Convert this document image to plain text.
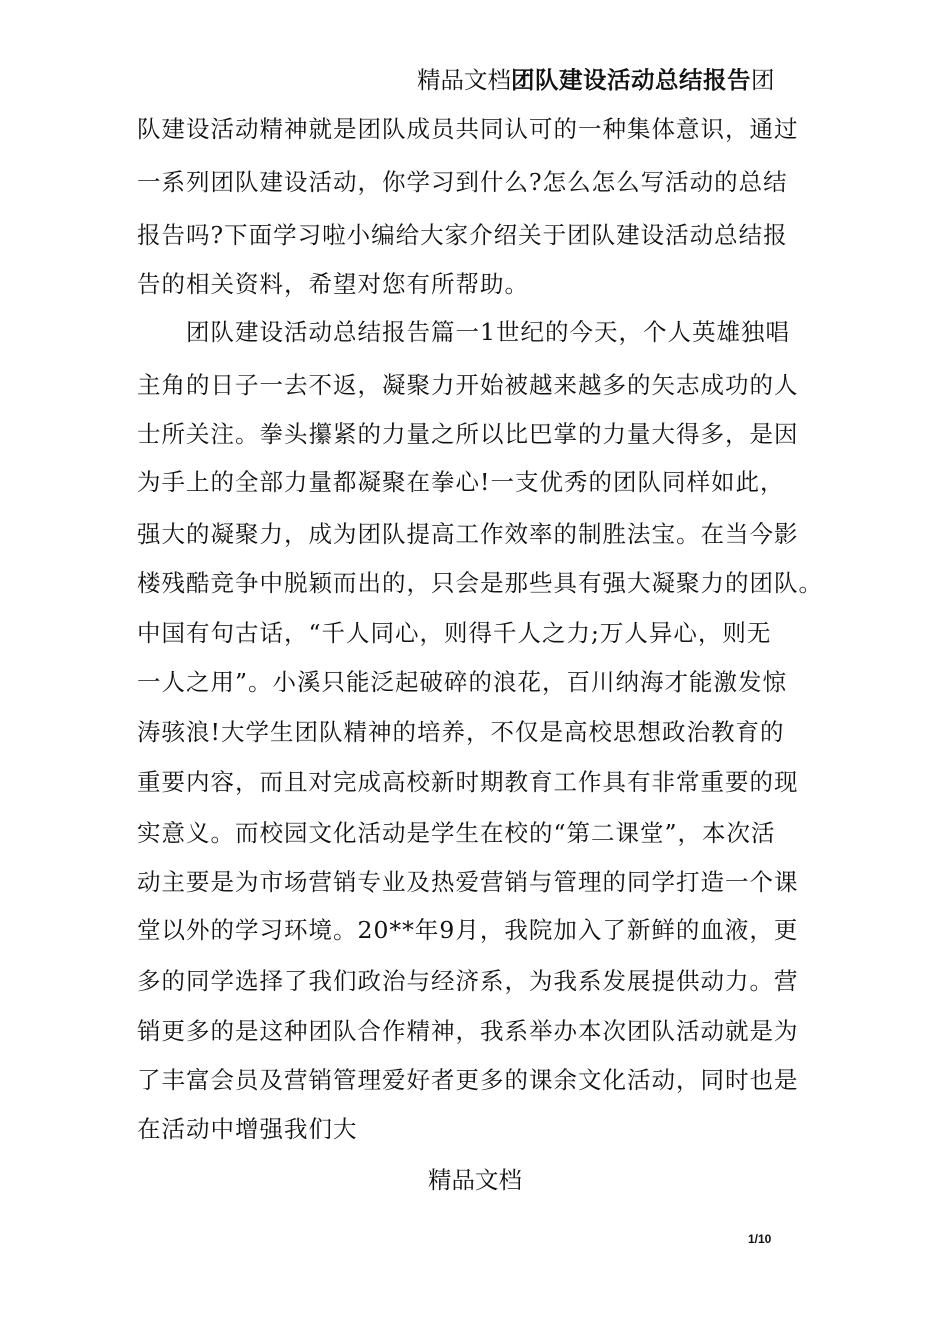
精品文档团队建设活动总结报告团

队建设活动精神就是团队成员共同认可的一种集体意识，通过

一系列团队建设活动，你学习到什么?怎么怎么写活动的总结

报告吗?下面学习啦小编给大家介绍关于团队建设活动总结报

告的相关资料，希望对您有所帮助。

　　团队建设活动总结报告篇一1世纪的今天，个人英雄独唱

主角的日子一去不返，凝聚力开始被越来越多的矢志成功的人

士所关注。拳头攥紧的力量之所以比巴掌的力量大得多，是因

为手上的全部力量都凝聚在拳心!一支优秀的团队同样如此，

强大的凝聚力，成为团队提高工作效率的制胜法宝。在当今影

楼残酷竞争中脱颖而出的，只会是那些具有强大凝聚力的团队。

中国有句古话，“千人同心，则得千人之力;万人异心，则无

一人之用”。小溪只能泛起破碎的浪花，百川纳海才能激发惊

涛骇浪!大学生团队精神的培养，不仅是高校思想政治教育的

重要内容，而且对完成高校新时期教育工作具有非常重要的现

实意义。而校园文化活动是学生在校的“第二课堂”，本次活

动主要是为市场营销专业及热爱营销与管理的同学打造一个课

堂以外的学习环境。20**年9月，我院加入了新鲜的血液，更

多的同学选择了我们政治与经济系，为我系发展提供动力。营

销更多的是这种团队合作精神，我系举办本次团队活动就是为

了丰富会员及营销管理爱好者更多的课余文化活动，同时也是

在活动中增强我们大

精品文档
1/10
